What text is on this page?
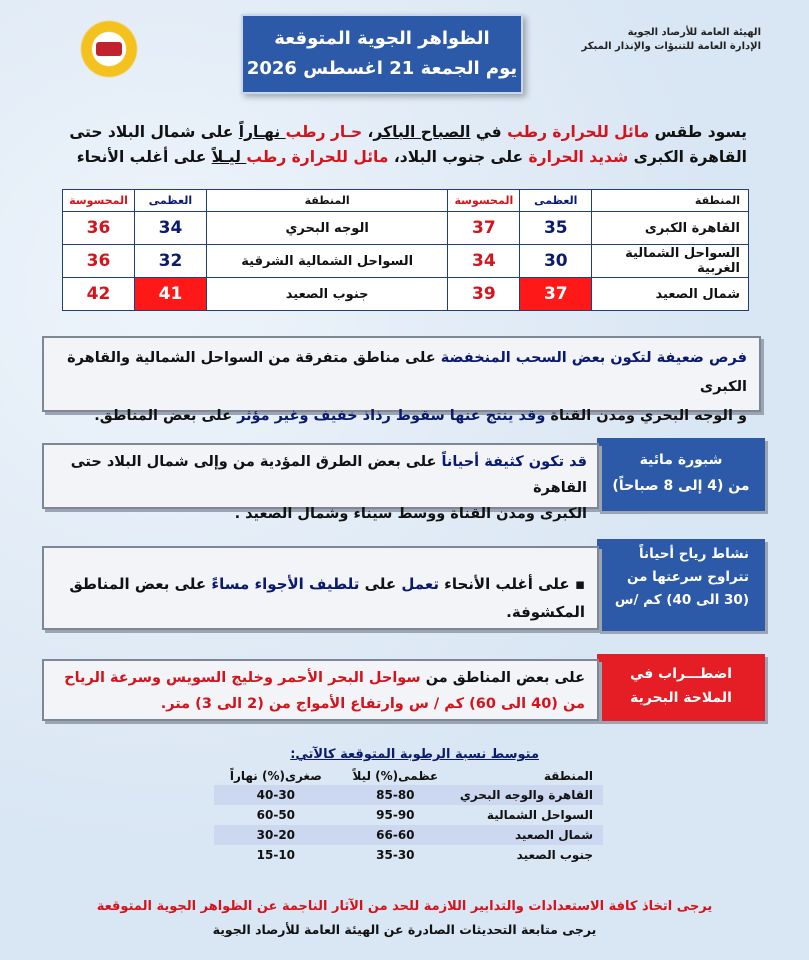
الهيئة العامة للأرصاد الجوية
الإدارة العامة للتنبؤات والإنذار المبكر
الظواهر الجوية المتوقعة
يوم الجمعة 21 اغسطس 2026
يسود طقس مائل للحرارة رطب في الصباح الباكر، حـار رطب نهـاراً على شمال البلاد حتى
القاهرة الكبرى شديد الحرارة على جنوب البلاد، مائل للحرارة رطب ليـلاً على أغلب الأنحاء
المنطقة	العظمى	المحسوسة	المنطقة	العظمى	المحسوسة
القاهرة الكبرى	35	37	الوجه البحري	34	36
السواحل الشمالية الغربية	30	34	السواحل الشمالية الشرقية	32	36
شمال الصعيد	37	39	جنوب الصعيد	41	42
فرص ضعيفة لتكون بعض السحب المنخفضة على مناطق متفرقة من السواحل الشمالية والقاهرة الكبرى
و الوجه البحري ومدن القناة وقد ينتج عنها سقوط رذاذ خفيف وغير مؤثر على بعض المناطق.
شبورة مائية
من (4 إلى 8 صباحاً)
قد تكون كثيفة أحياناً على بعض الطرق المؤدية من وإلى شمال البلاد حتى القاهرة
الكبرى ومدن القناة ووسط سيناء وشمال الصعيد .
نشاط رياح أحياناً
تتراوح سرعتها من
(30 الى 40) كم /س
▪ على أغلب الأنحاء تعمل على تلطيف الأجواء مساءً على بعض المناطق المكشوفة.
اضطـــراب في
الملاحة البحرية
على بعض المناطق من سواحل البحر الأحمر وخليج السويس وسرعة الرياح
من (40 الى 60) كم / س وارتفاع الأمواج من (2 الى 3) متر.
متوسط نسبة الرطوبة المتوقعة كالآتي:
المنطقة	عظمى(%) ليلاً	صغرى(%) نهاراً
القاهرة والوجه البحري	85-80	40-30
السواحل الشمالية	95-90	60-50
شمال الصعيد	66-60	30-20
جنوب الصعيد	35-30	15-10
يرجى اتخاذ كافة الاستعدادات والتدابير اللازمة للحد من الآثار الناجمة عن الظواهر الجوية المتوقعة
يرجى متابعة التحديثات الصادرة عن الهيئة العامة للأرصاد الجوية
